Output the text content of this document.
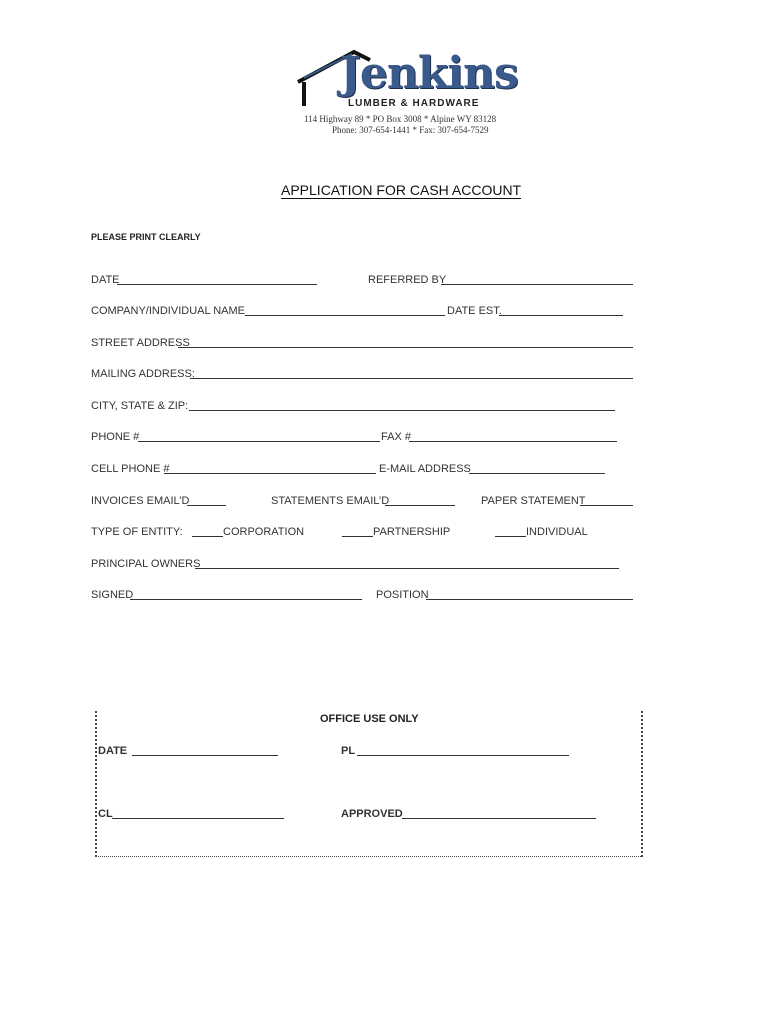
Jenkins
LUMBER & HARDWARE
114 Highway 89 * PO Box 3008 * Alpine WY 83128
Phone: 307-654-1441 * Fax: 307-654-7529
APPLICATION FOR CASH ACCOUNT
PLEASE PRINT CLEARLY
DATE	REFERRED BY
COMPANY/INDIVIDUAL NAME	DATE EST.
STREET ADDRESS
MAILING ADDRESS:
CITY, STATE & ZIP:
PHONE #	FAX #
CELL PHONE #	E-MAIL ADDRESS
INVOICES EMAIL’D	STATEMENTS EMAIL’D	PAPER STATEMENT
TYPE OF ENTITY:	CORPORATION	PARTNERSHIP	INDIVIDUAL
PRINCIPAL OWNERS
SIGNED	POSITION
OFFICE USE ONLY
DATE	PL
CL	APPROVED
